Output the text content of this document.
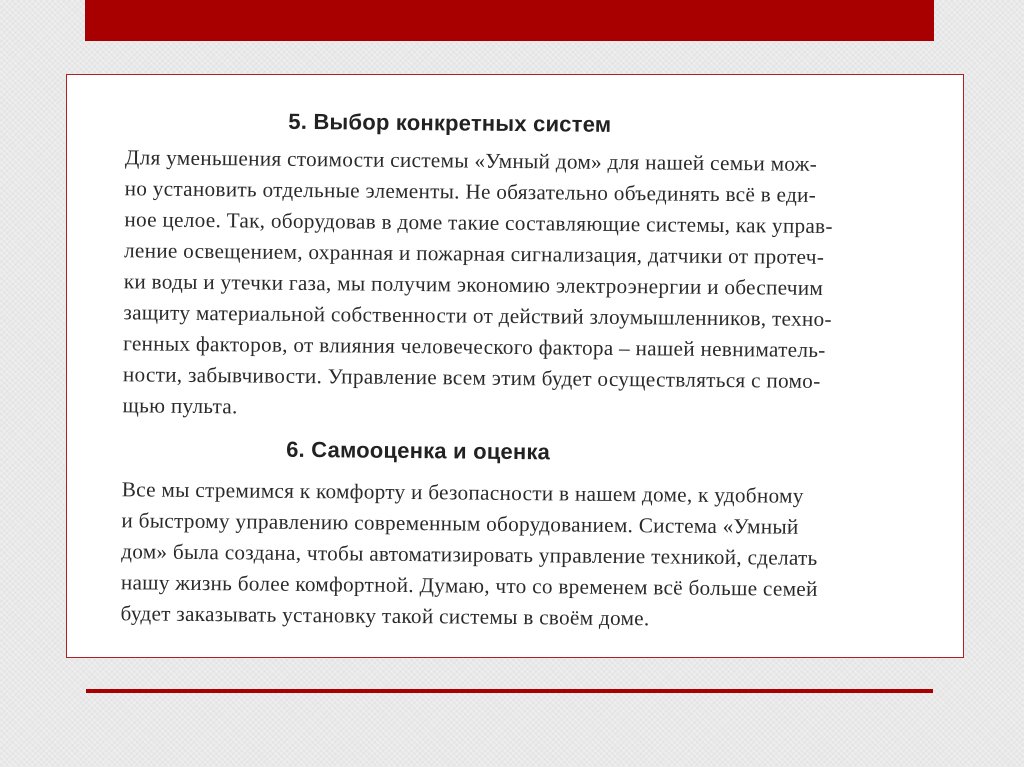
5. Выбор конкретных систем
Для уменьшения стоимости системы «Умный дом» для нашей семьи мож-
но установить отдельные элементы. Не обязательно объединять всё в еди-
ное целое. Так, оборудовав в доме такие составляющие системы, как управ-
ление освещением, охранная и пожарная сигнализация, датчики от протеч-
ки воды и утечки газа, мы получим экономию электроэнергии и обеспечим
защиту материальной собственности от действий злоумышленников, техно-
генных факторов, от влияния человеческого фактора – нашей невниматель-
ности, забывчивости. Управление всем этим будет осуществляться с помо-
щью пульта.
6. Самооценка и оценка
Все мы стремимся к комфорту и безопасности в нашем доме, к удобному
и быстрому управлению современным оборудованием. Система «Умный
дом» была создана, чтобы автоматизировать управление техникой, сделать
нашу жизнь более комфортной. Думаю, что со временем всё больше семей
будет заказывать установку такой системы в своём доме.
